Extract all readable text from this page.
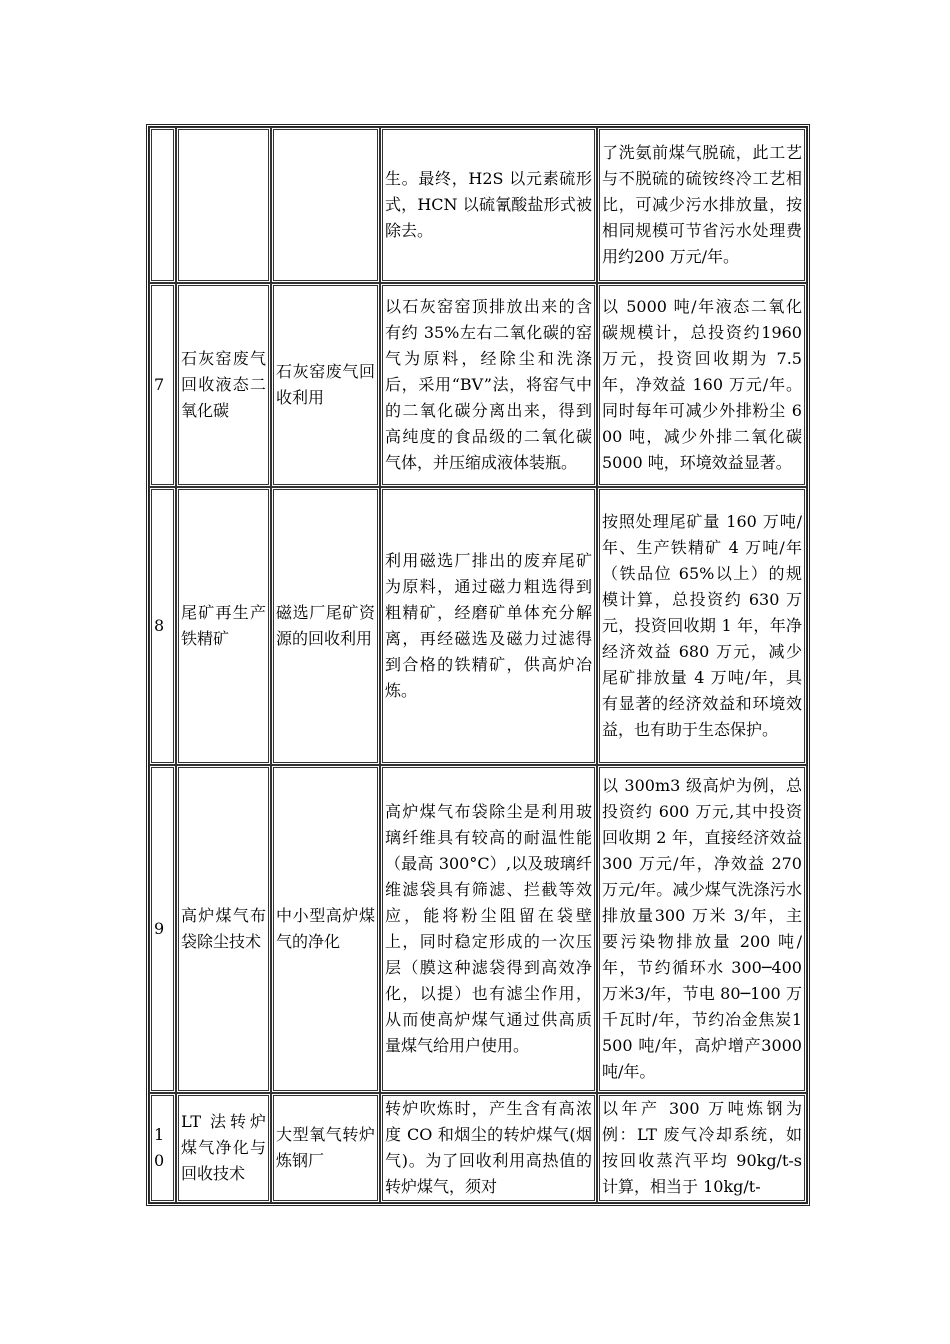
			生。最终，H2S 以元素硫形式，HCN 以硫氰酸盐形式被除去。	了洗氨前煤气脱硫，此工艺与不脱硫的硫铵终冷工艺相比，可减少污水排放量，按相同规模可节省污水处理费用约200 万元/年。
7	石灰窑废气回收液态二氧化碳	石灰窑废气回收利用	以石灰窑窑顶排放出来的含有约 35%左右二氧化碳的窑气为原料，经除尘和洗涤后，采用“BV”法，将窑气中的二氧化碳分离出来，得到高纯度的食品级的二氧化碳气体，并压缩成液体装瓶。	以 5000 吨/年液态二氧化碳规模计，总投资约1960 万元，投资回收期为 7.5 年，净效益 160 万元/年。同时每年可减少外排粉尘 600 吨，减少外排二氧化碳 5000 吨，环境效益显著。
8	尾矿再生产铁精矿	磁选厂尾矿资源的回收利用	利用磁选厂排出的废弃尾矿为原料，通过磁力粗选得到粗精矿，经磨矿单体充分解离，再经磁选及磁力过滤得到合格的铁精矿，供高炉冶炼。	按照处理尾矿量 160 万吨/年、生产铁精矿 4 万吨/年（铁品位 65%以上）的规模计算，总投资约 630 万元，投资回收期 1 年，年净经济效益 680 万元，减少尾矿排放量 4 万吨/年，具有显著的经济效益和环境效益，也有助于生态保护。
9	高炉煤气布袋除尘技术	中小型高炉煤气的净化	高炉煤气布袋除尘是利用玻璃纤维具有较高的耐温性能（最高 300°C）,以及玻璃纤维滤袋具有筛滤、拦截等效应，能将粉尘阻留在袋壁上，同时稳定形成的一次压层（膜这种滤袋得到高效净化，以提）也有滤尘作用，从而使高炉煤气通过供高质量煤气给用户使用。	以 300m3 级高炉为例，总投资约 600 万元,其中投资回收期 2 年，直接经济效益 300 万元/年，净效益 270 万元/年。减少煤气洗涤污水排放量300 万米 3/年，主要污染物排放量 200 吨/年，节约循环水 300─400 万米3/年，节电 80─100 万千瓦时/年，节约冶金焦炭1500 吨/年，高炉增产3000 吨/年。
10	LT 法转炉煤气净化与回收技术	大型氧气转炉炼钢厂	转炉吹炼时，产生含有高浓度 CO 和烟尘的转炉煤气(烟气)。为了回收利用高热值的转炉煤气，须对	以年产 300 万吨炼钢为例：LT 废气冷却系统，如按回收蒸汽平均 90kg/t-s 计算，相当于 10kg/t-
